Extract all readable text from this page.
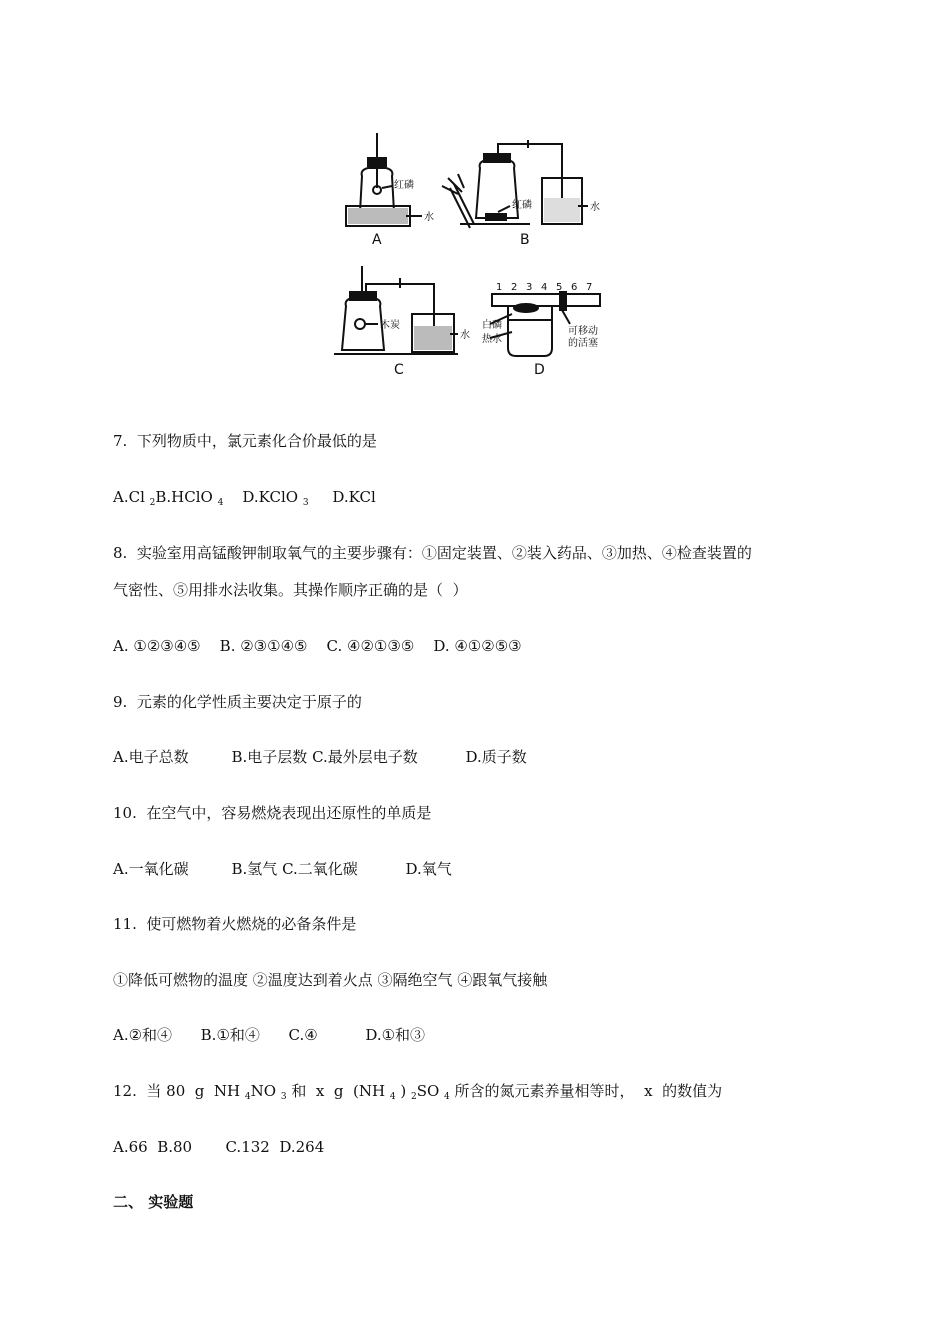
红磷
水
红磷	水
木炭
水
白磷
热水
可移动
的活塞
1 2 3 4 5 6 7
A	B
C	D
7.  下列物质中，氯元素化合价最低的是
A.Cl $_2$B.HClO $_4$    D.KClO $_3$     D.KCl
8.  实验室用高锰酸钾制取氧气的主要步骤有：①固定装置、②装入药品、③加热、④检查装置的
气密性、⑤用排水法收集。其操作顺序正确的是（  ）
A. ①②③④⑤    B. ②③①④⑤    C. ④②①③⑤    D. ④①②⑤③
9.  元素的化学性质主要决定于原子的
A.电子总数         B.电子层数 C.最外层电子数          D.质子数
10.  在空气中，容易燃烧表现出还原性的单质是
A.一氧化碳         B.氢气 C.二氧化碳          D.氧气
11.  使可燃物着火燃烧的必备条件是
①降低可燃物的温度 ②温度达到着火点 ③隔绝空气 ④跟氧气接触
A.②和④      B.①和④      C.④          D.①和③
12.  当 80  g  NH $_4$NO $_3$ 和  x  g  (NH $_4$ ) $_2$SO $_4$ 所含的氮元素养量相等时，  x  的数值为
A.66  B.80       C.132  D.264
二、 实验题
